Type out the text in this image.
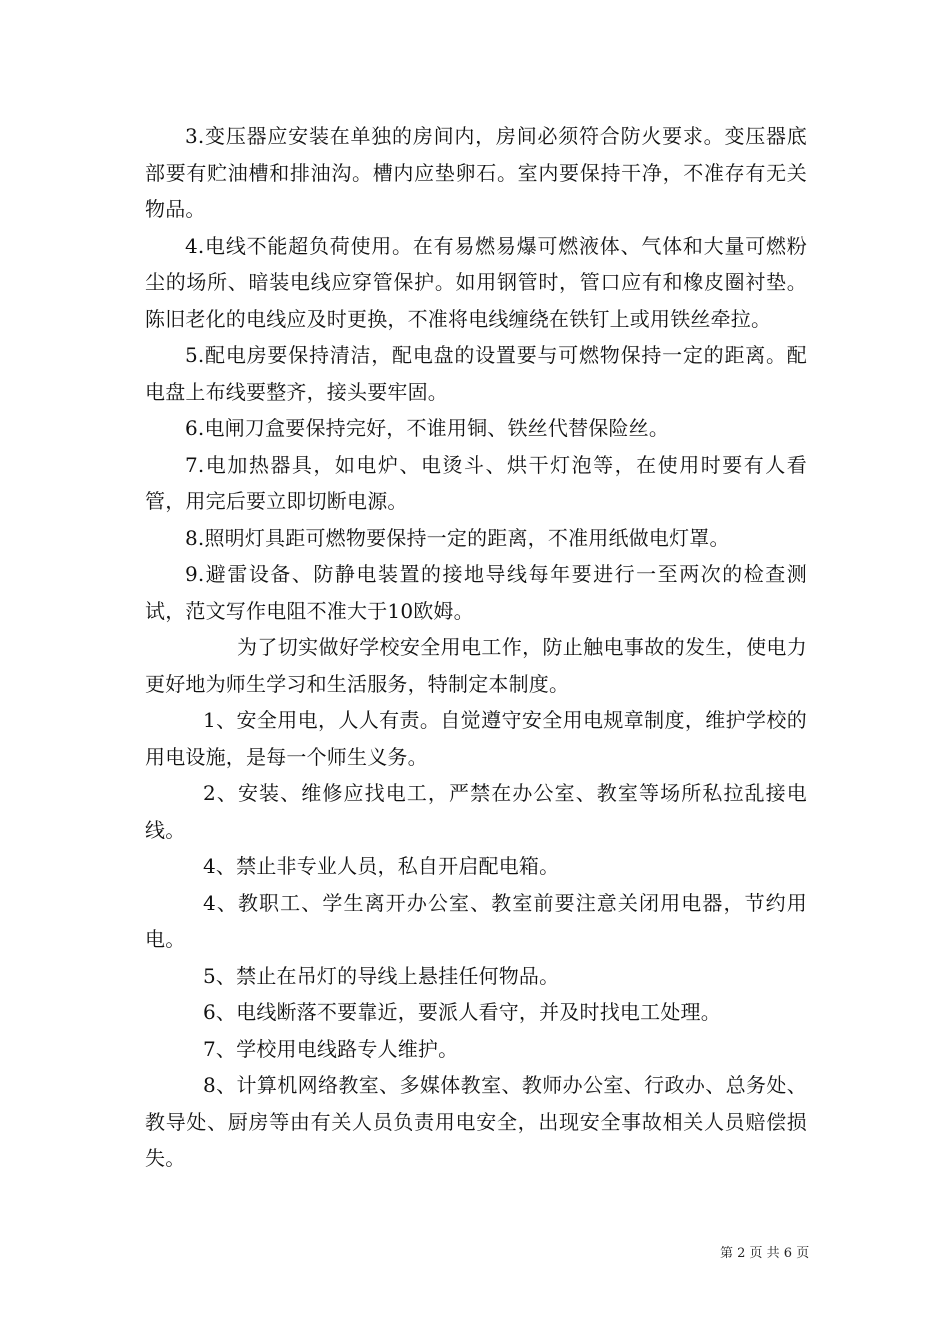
3.变压器应安装在单独的房间内，房间必须符合防火要求。变压器底部要有贮油槽和排油沟。槽内应垫卵石。室内要保持干净，不准存有无关物品。

4.电线不能超负荷使用。在有易燃易爆可燃液体、气体和大量可燃粉尘的场所、暗装电线应穿管保护。如用钢管时，管口应有和橡皮圈衬垫。陈旧老化的电线应及时更换，不准将电线缠绕在铁钉上或用铁丝牵拉。

5.配电房要保持清洁，配电盘的设置要与可燃物保持一定的距离。配电盘上布线要整齐，接头要牢固。

6.电闸刀盒要保持完好，不谁用铜、铁丝代替保险丝。

7.电加热器具，如电炉、电烫斗、烘干灯泡等，在使用时要有人看管，用完后要立即切断电源。

8.照明灯具距可燃物要保持一定的距离，不准用纸做电灯罩。

9.避雷设备、防静电装置的接地导线每年要进行一至两次的检查测试，范文写作电阻不准大于10欧姆。

为了切实做好学校安全用电工作，防止触电事故的发生，使电力更好地为师生学习和生活服务，特制定本制度。

1、安全用电，人人有责。自觉遵守安全用电规章制度，维护学校的用电设施，是每一个师生义务。

2、安装、维修应找电工，严禁在办公室、教室等场所私拉乱接电线。

4、禁止非专业人员，私自开启配电箱。

4、教职工、学生离开办公室、教室前要注意关闭用电器，节约用电。

5、禁止在吊灯的导线上悬挂任何物品。

6、电线断落不要靠近，要派人看守，并及时找电工处理。

7、学校用电线路专人维护。

8、计算机网络教室、多媒体教室、教师办公室、行政办、总务处、教导处、厨房等由有关人员负责用电安全，出现安全事故相关人员赔偿损失。

第 2 页 共 6 页
